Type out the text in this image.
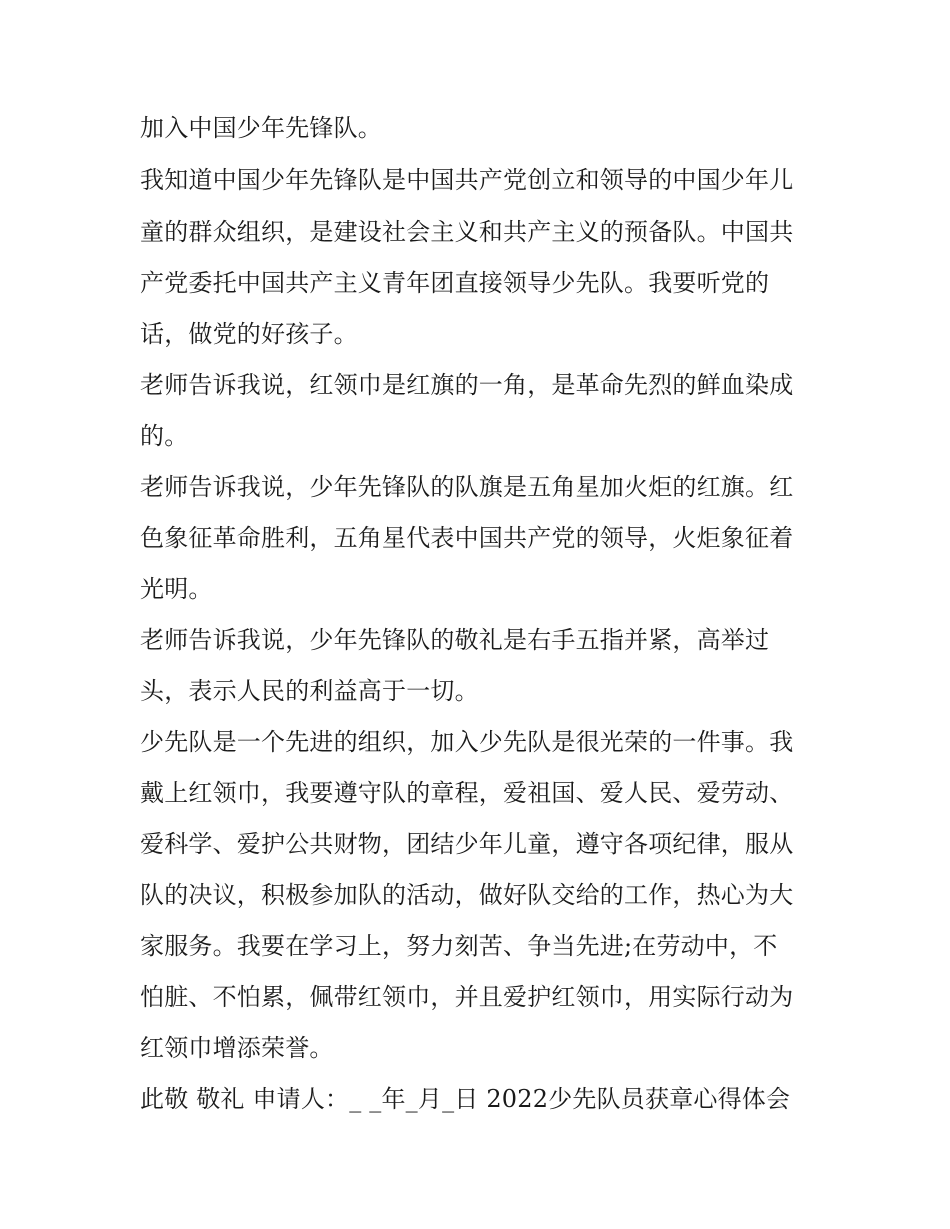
加入中国少年先锋队。
我知道中国少年先锋队是中国共产党创立和领导的中国少年儿
童的群众组织，是建设社会主义和共产主义的预备队。中国共
产党委托中国共产主义青年团直接领导少先队。我要听党的
话，做党的好孩子。
老师告诉我说，红领巾是红旗的一角，是革命先烈的鲜血染成
的。
老师告诉我说，少年先锋队的队旗是五角星加火炬的红旗。红
色象征革命胜利，五角星代表中国共产党的领导，火炬象征着
光明。
老师告诉我说，少年先锋队的敬礼是右手五指并紧，高举过
头，表示人民的利益高于一切。
少先队是一个先进的组织，加入少先队是很光荣的一件事。我
戴上红领巾，我要遵守队的章程，爱祖国、爱人民、爱劳动、
爱科学、爱护公共财物，团结少年儿童，遵守各项纪律，服从
队的决议，积极参加队的活动，做好队交给的工作，热心为大
家服务。我要在学习上，努力刻苦、争当先进;在劳动中，不
怕脏、不怕累，佩带红领巾，并且爱护红领巾，用实际行动为
红领巾增添荣誉。
此敬 敬礼 申请人：_ _年_月_日 2022少先队员获章心得体会
